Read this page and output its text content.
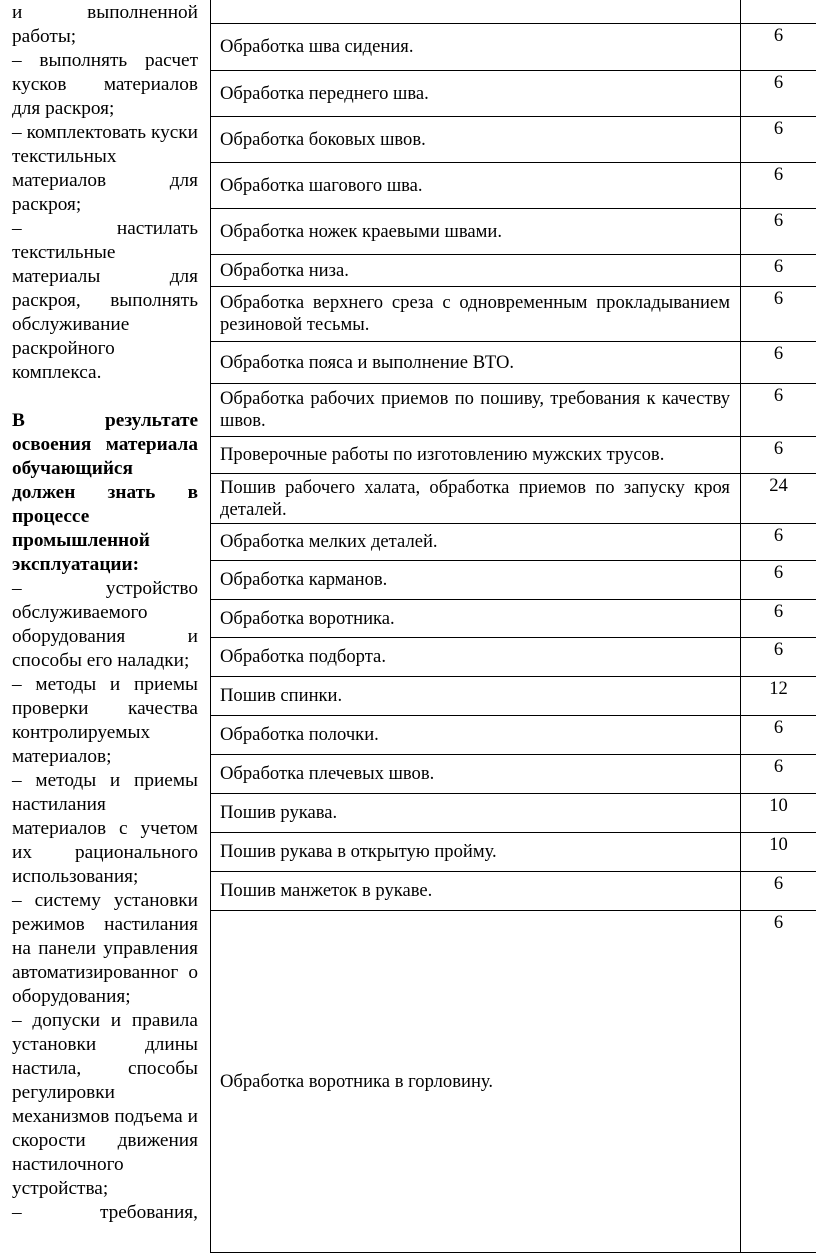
и выполненной работы;

– выполнять расчет кусков материалов для раскроя;

– комплектовать куски текстильных материалов для раскроя;

– настилать текстильные материалы для раскроя, выполнять обслуживание раскройного комплекса.

В результате освоения материала обучающийся должен знать в процессе промышленной эксплуатации:

– устройство обслуживаемого оборудования и способы его наладки;

– методы и приемы проверки качества контролируемых материалов;

– методы и приемы настилания материалов с учетом их рационального использования;

– систему установки режимов настилания на панели управления автоматизированног о оборудования;

– допуски и правила установки длины настила, способы регулировки механизмов подъема и скорости движения настилочного устройства;

– требования,

Обработка шва сидения.
6
Обработка переднего шва.	6
Обработка боковых швов.	6
Обработка шагового шва.	6
Обработка ножек краевыми швами.	6
Обработка низа.	6
Обработка верхнего среза с одновременным прокладыванием резиновой тесьмы.
6
Обработка пояса и выполнение ВТО.	6
Обработка рабочих приемов по пошиву, требования к качеству швов.
6
Проверочные работы по изготовлению мужских трусов.	6
Пошив рабочего халата, обработка приемов по запуску кроя деталей.
24
Обработка мелких деталей.	6
Обработка карманов.	6
Обработка воротника.	6
Обработка подборта.	6
Пошив спинки.	12
Обработка полочки.	6
Обработка плечевых швов.	6
Пошив рукава.	10
Пошив рукава в открытую пройму.	10
Пошив манжеток в рукаве.	6
Обработка воротника в горловину.
6
